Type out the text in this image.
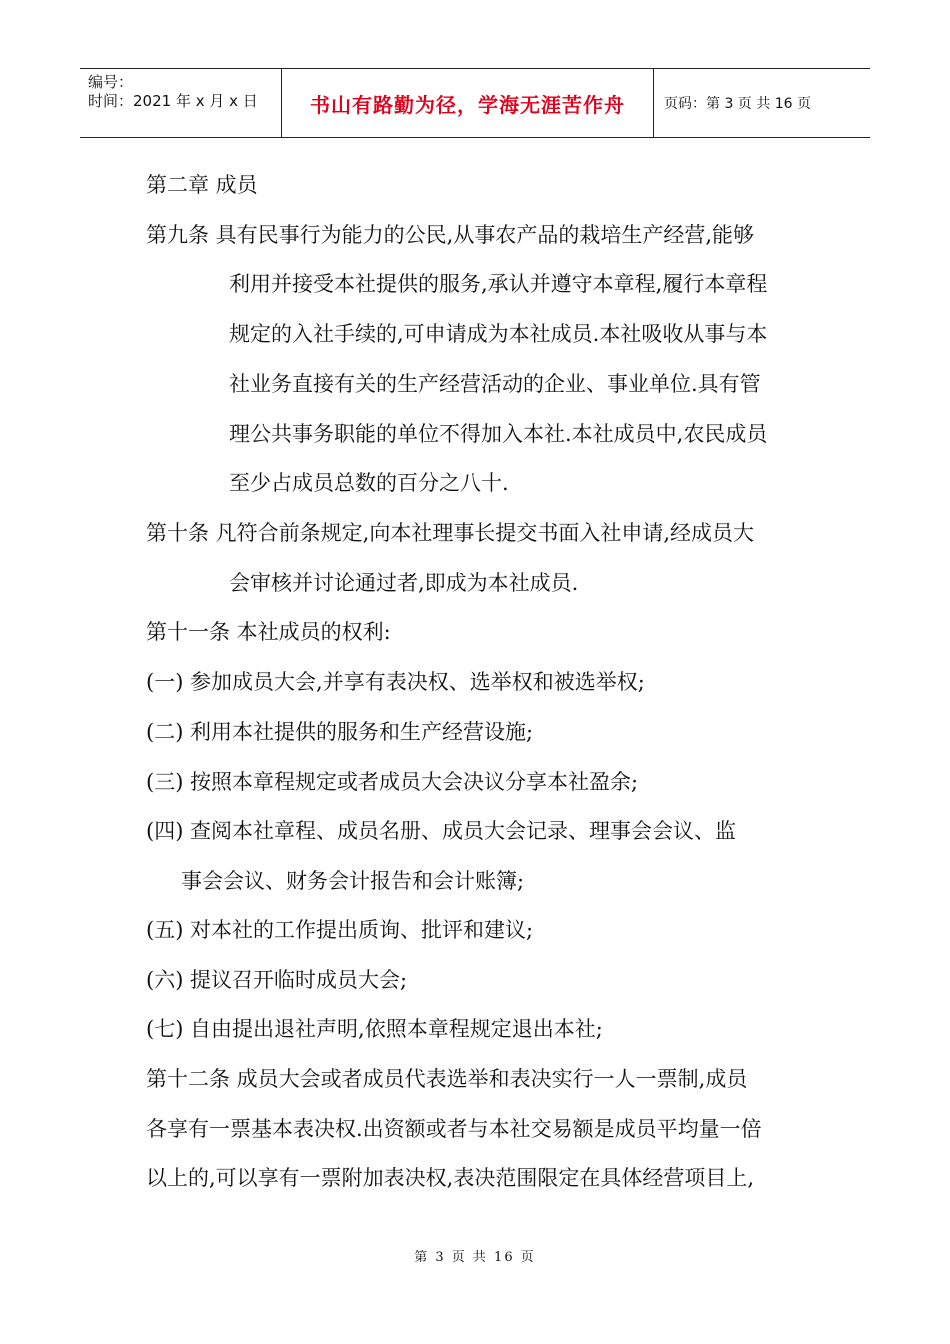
编号：
时间：2021 年 x 月 x 日	书山有路勤为径，学海无涯苦作舟	页码：第 3 页 共 16 页
第二章 成员
第九条 具有民事行为能力的公民,从事农产品的栽培生产经营,能够
利用并接受本社提供的服务,承认并遵守本章程,履行本章程
规定的入社手续的,可申请成为本社成员.本社吸收从事与本
社业务直接有关的生产经营活动的企业、事业单位.具有管
理公共事务职能的单位不得加入本社.本社成员中,农民成员
至少占成员总数的百分之八十.
第十条 凡符合前条规定,向本社理事长提交书面入社申请,经成员大
会审核并讨论通过者,即成为本社成员.
第十一条 本社成员的权利:
(一) 参加成员大会,并享有表决权、选举权和被选举权;
(二) 利用本社提供的服务和生产经营设施;
(三) 按照本章程规定或者成员大会决议分享本社盈余;
(四) 查阅本社章程、成员名册、成员大会记录、理事会会议、监
事会会议、财务会计报告和会计账簿;
(五) 对本社的工作提出质询、批评和建议;
(六) 提议召开临时成员大会;
(七) 自由提出退社声明,依照本章程规定退出本社;
第十二条 成员大会或者成员代表选举和表决实行一人一票制,成员
各享有一票基本表决权.出资额或者与本社交易额是成员平均量一倍
以上的,可以享有一票附加表决权,表决范围限定在具体经营项目上,
第 3 页 共 16 页
